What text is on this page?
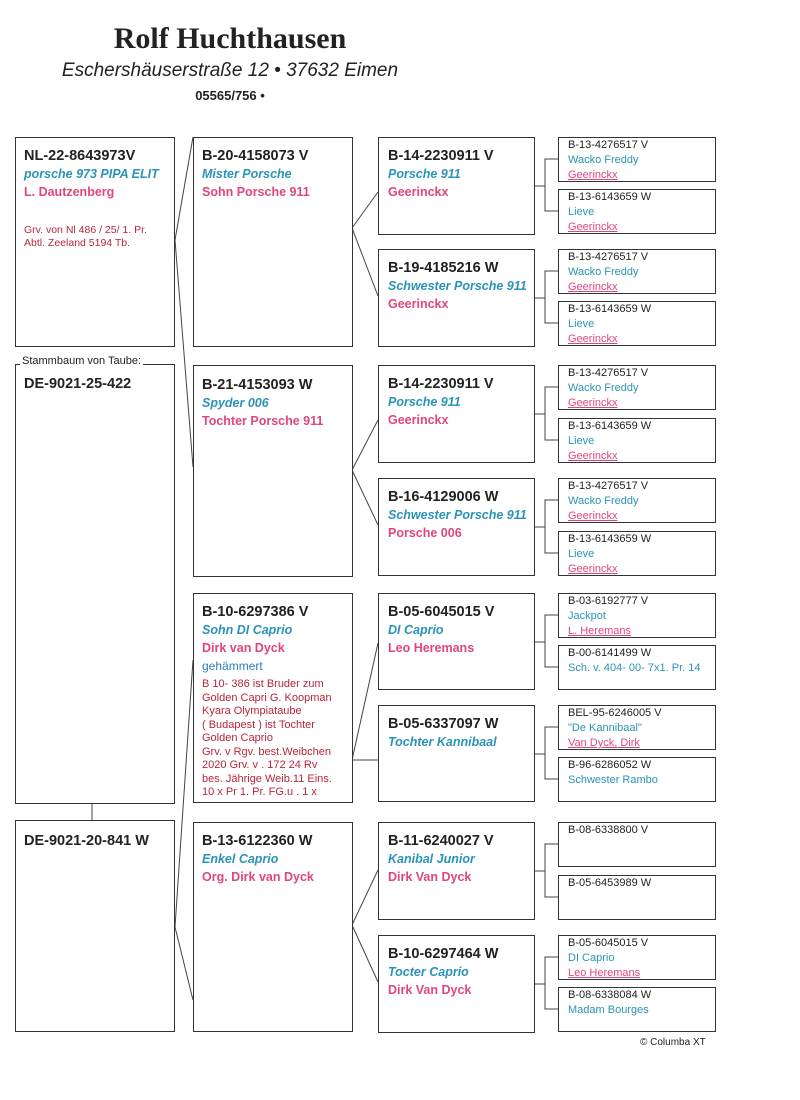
Rolf Huchthausen
Eschershäuserstraße 12 • 37632 Eimen
05565/756 •
NL-22-8643973V
porsche 973 PIPA ELIT
L. Dautzenberg
Grv. von Nl 486 / 25/ 1. Pr.
Abtl. Zeeland 5194 Tb.
DE-9021-25-422
Stammbaum von Taube:
DE-9021-20-841 W
B-20-4158073 V
Mister Porsche
Sohn Porsche 911
B-21-4153093 W
Spyder 006
Tochter Porsche 911
B-10-6297386 V
Sohn DI Caprio
Dirk van Dyck
gehämmert
B 10- 386 ist Bruder zum
Golden Capri G. Koopman
Kyara Olympiataube
( Budapest ) ist Tochter
Golden Caprio
Grv. v Rgv. best.Weibchen
2020 Grv. v . 172 24 Rv
bes. Jährige Weib.11 Eins.
10 x Pr 1. Pr. FG.u . 1 x
B-13-6122360 W
Enkel Caprio
Org. Dirk van Dyck
B-14-2230911 V
Porsche 911
Geerinckx
B-19-4185216 W
Schwester Porsche 911
Geerinckx
B-14-2230911 V
Porsche 911
Geerinckx
B-16-4129006 W
Schwester Porsche 911
Porsche 006
B-05-6045015 V
DI Caprio
Leo Heremans
B-05-6337097 W
Tochter Kannibaal
B-11-6240027 V
Kanibal Junior
Dirk Van Dyck
B-10-6297464 W
Tocter Caprio
Dirk Van Dyck
B-13-4276517 V
Wacko Freddy
Geerinckx
B-13-6143659 W
Lieve
Geerinckx
B-13-4276517 V
Wacko Freddy
Geerinckx
B-13-6143659 W
Lieve
Geerinckx
B-13-4276517 V
Wacko Freddy
Geerinckx
B-13-6143659 W
Lieve
Geerinckx
B-13-4276517 V
Wacko Freddy
Geerinckx
B-13-6143659 W
Lieve
Geerinckx
B-03-6192777 V
Jackpot
L. Heremans
B-00-6141499 W
Sch. v. 404- 00- 7x1. Pr. 14
BEL-95-6246005 V
"De Kannibaal"
Van Dyck, Dirk
B-96-6286052 W
Schwester Rambo
B-08-6338800 V
B-05-6453989 W
B-05-6045015 V
DI Caprio
Leo Heremans
B-08-6338084 W
Madam Bourges
© Columba XT
